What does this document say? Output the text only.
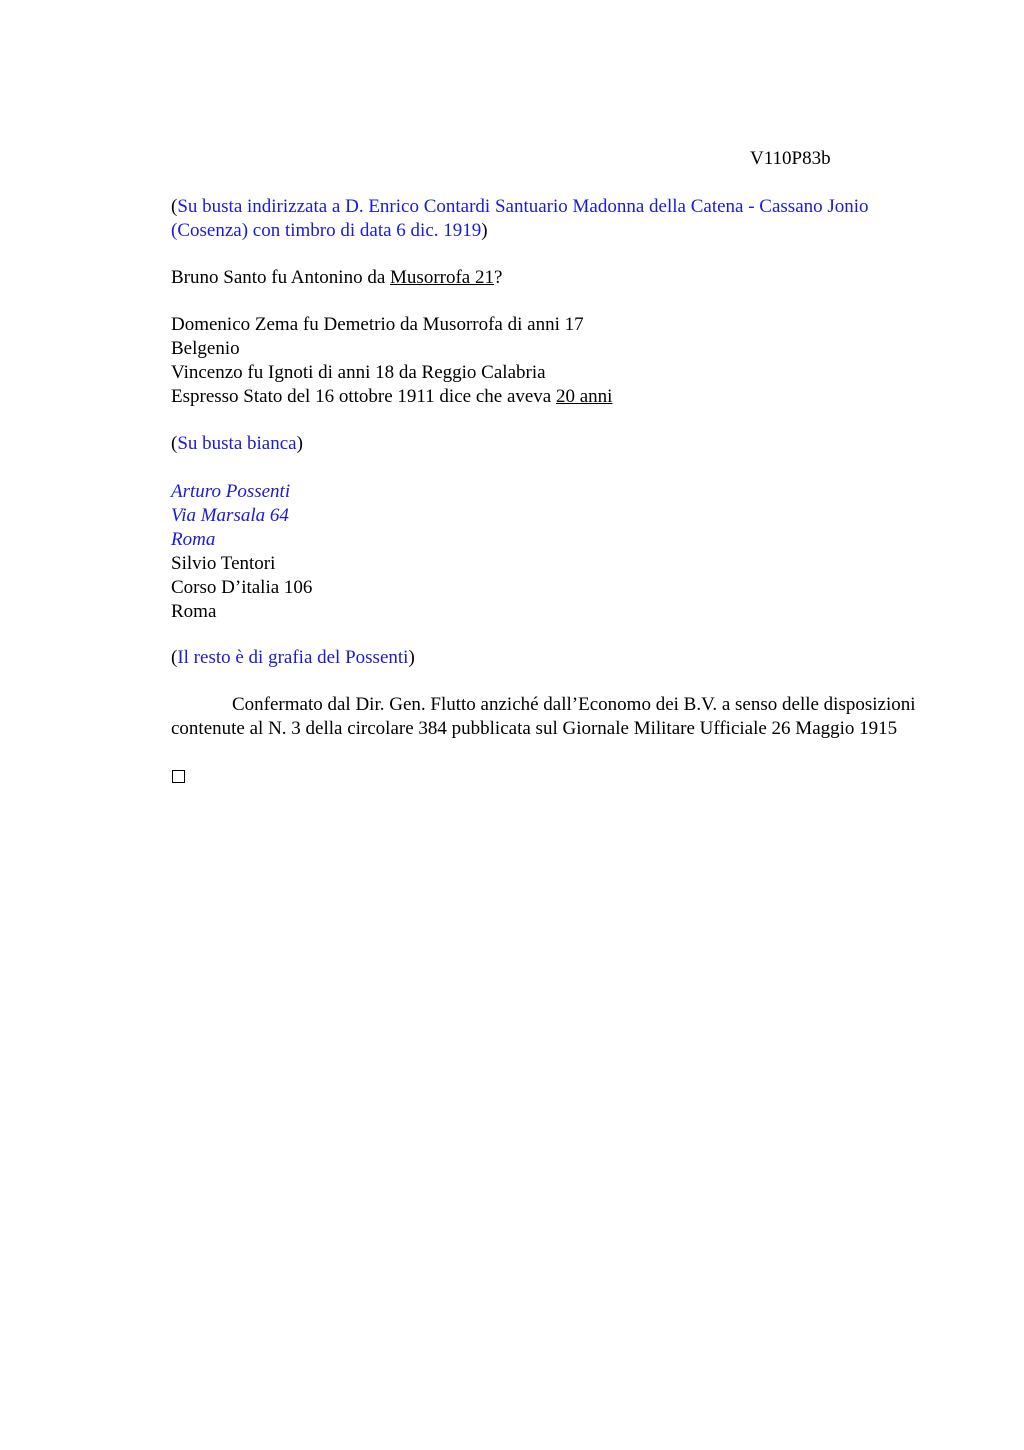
V110P83b
(Su busta indirizzata a D. Enrico Contardi Santuario Madonna della Catena - Cassano Jonio (Cosenza) con timbro di data 6 dic. 1919)
Bruno Santo fu Antonino da Musorrofa 21?
Domenico Zema fu Demetrio da Musorrofa di anni 17
Belgenio
Vincenzo fu Ignoti di anni 18 da Reggio Calabria
Espresso Stato del 16 ottobre 1911 dice che aveva 20 anni
(Su busta bianca)
Arturo Possenti
Via Marsala 64
Roma
Silvio Tentori
Corso D’italia 106
Roma
(Il resto è di grafia del Possenti)
Confermato dal Dir. Gen. Flutto anziché dall’Economo dei B.V. a senso delle disposizioni contenute al N. 3 della circolare 384 pubblicata sul Giornale Militare Ufficiale 26 Maggio 1915
